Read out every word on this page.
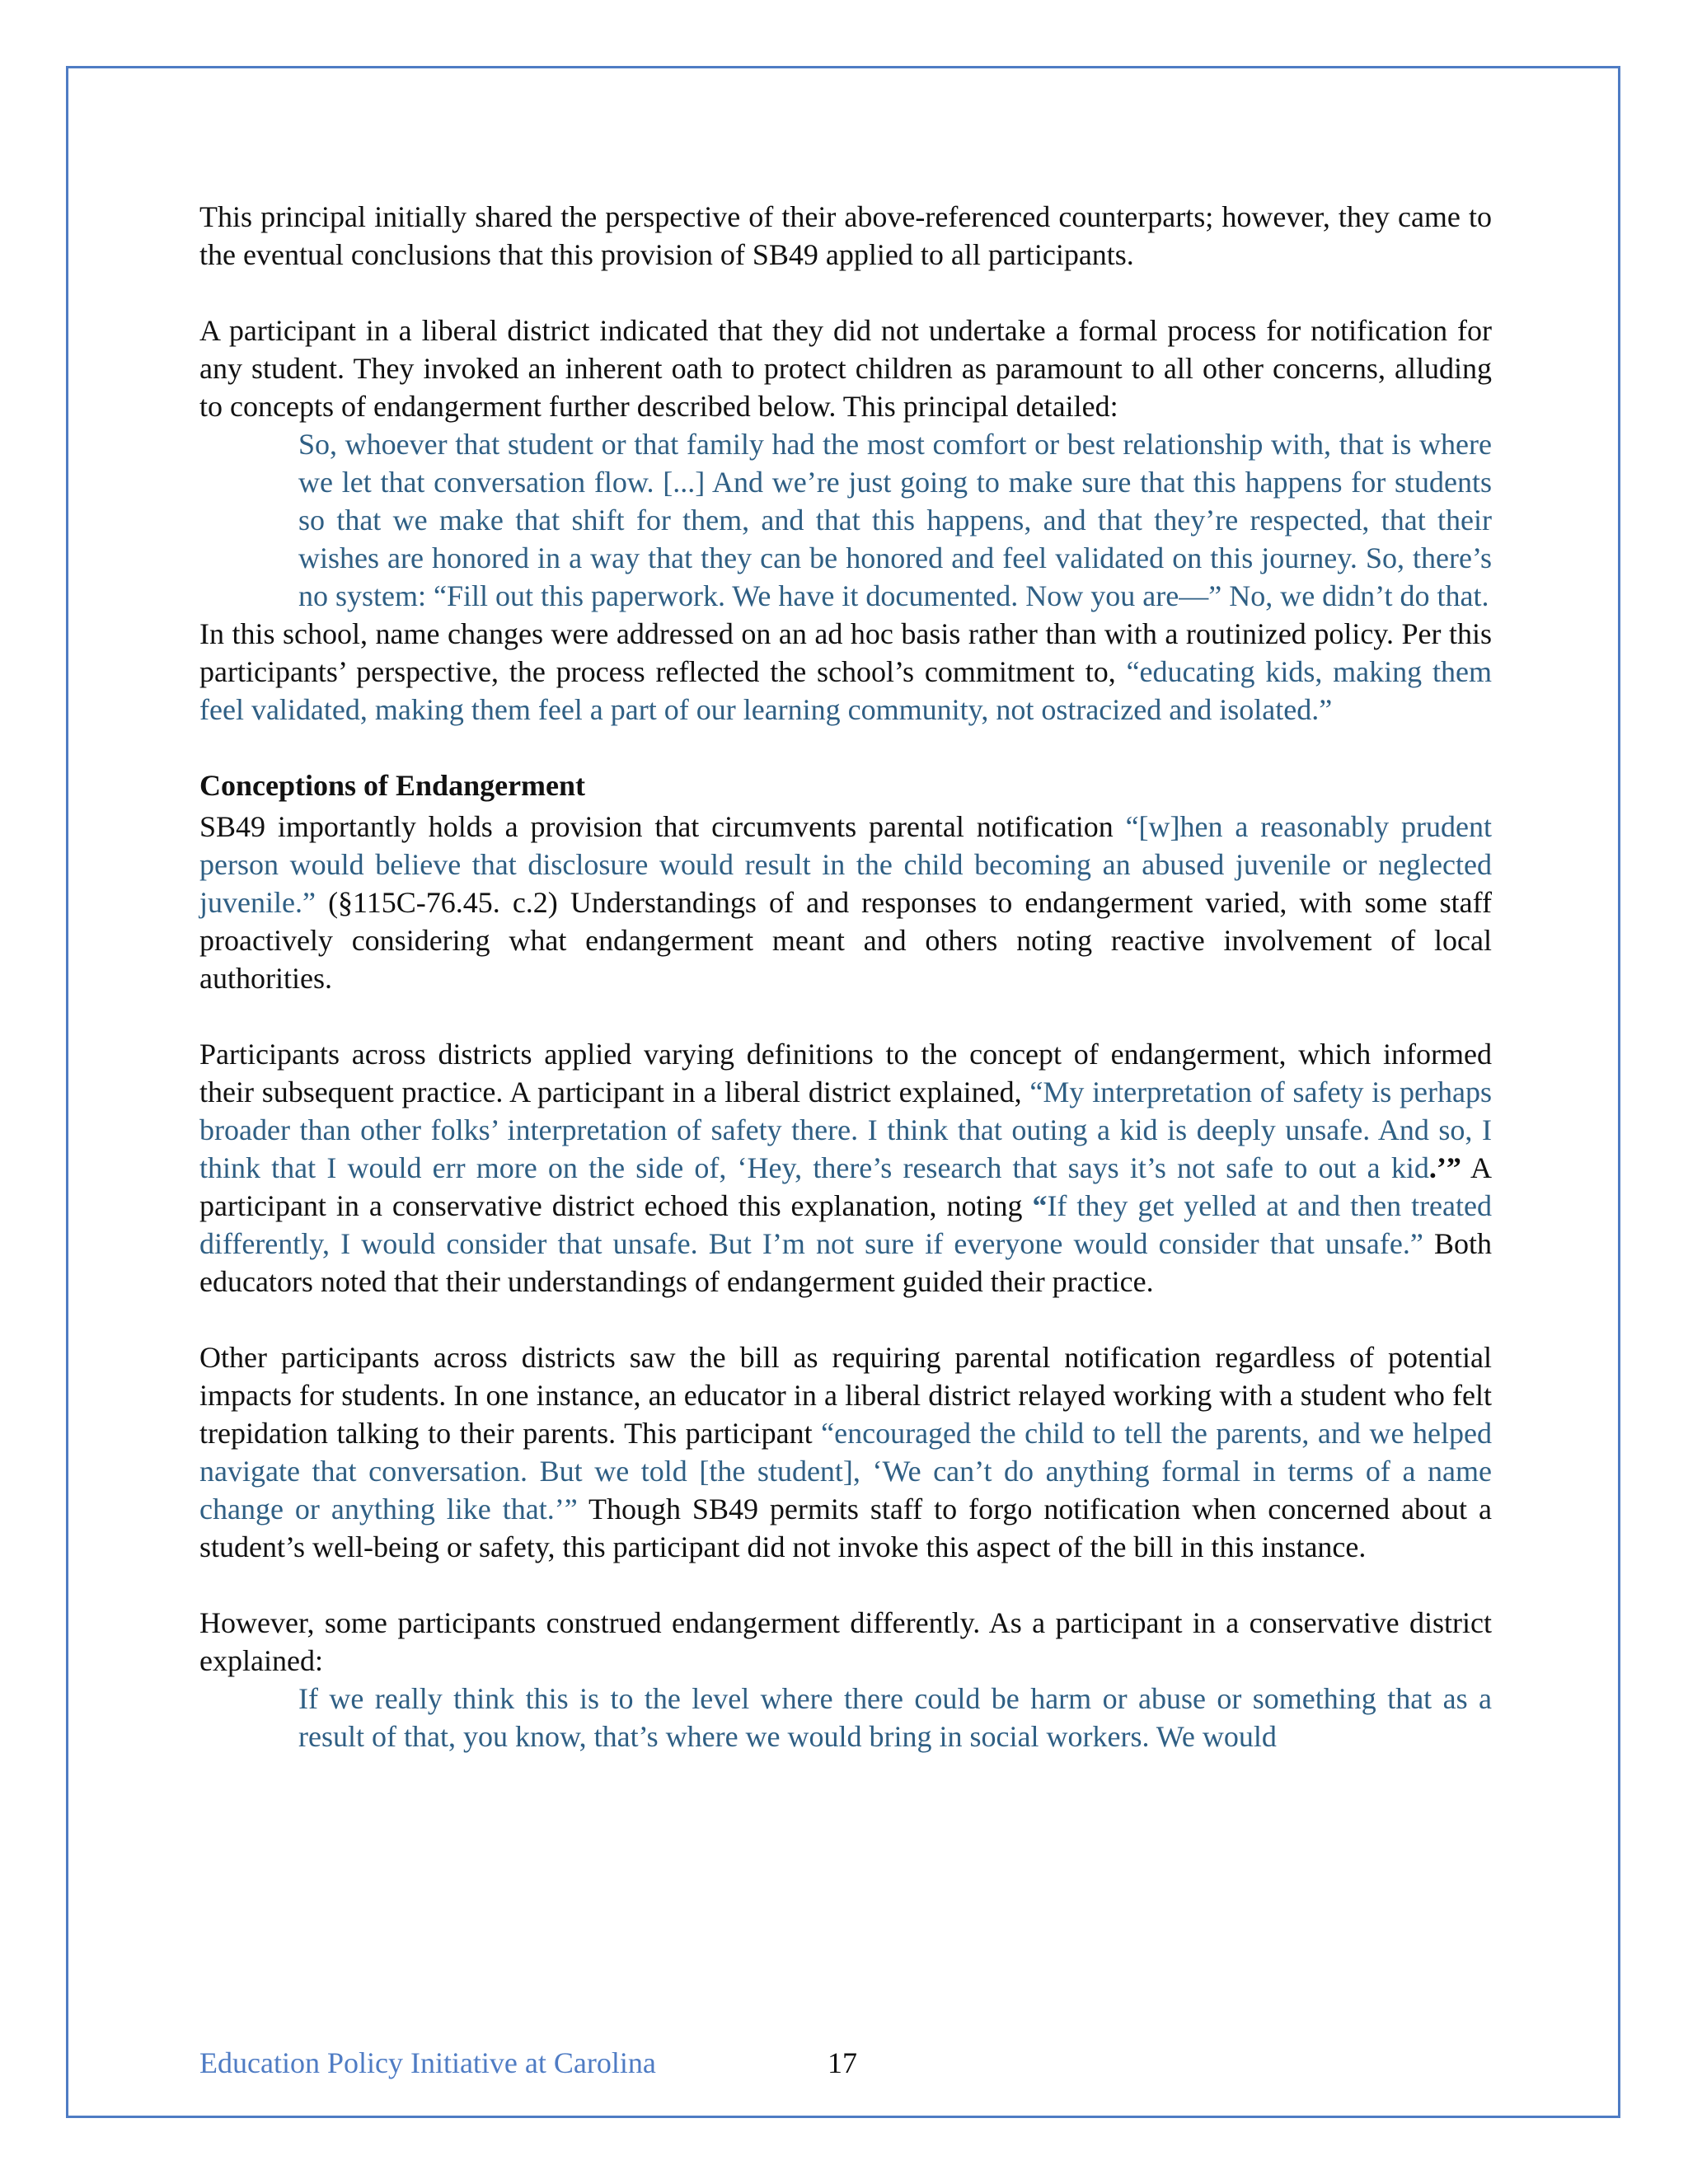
This principal initially shared the perspective of their above-referenced counterparts; however, they came to the eventual conclusions that this provision of SB49 applied to all participants.

A participant in a liberal district indicated that they did not undertake a formal process for notification for any student. They invoked an inherent oath to protect children as paramount to all other concerns, alluding to concepts of endangerment further described below. This principal detailed:

So, whoever that student or that family had the most comfort or best relationship with, that is where we let that conversation flow. [...] And we’re just going to make sure that this happens for students so that we make that shift for them, and that this happens, and that they’re respected, that their wishes are honored in a way that they can be honored and feel validated on this journey. So, there’s no system: “Fill out this paperwork. We have it documented. Now you are—” No, we didn’t do that.

In this school, name changes were addressed on an ad hoc basis rather than with a routinized policy. Per this participants’ perspective, the process reflected the school’s commitment to, “educating kids, making them feel validated, making them feel a part of our learning community, not ostracized and isolated.”

Conceptions of Endangerment

SB49 importantly holds a provision that circumvents parental notification “[w]hen a reasonably prudent person would believe that disclosure would result in the child becoming an abused juvenile or neglected juvenile.” (§115C-76.45. c.2) Understandings of and responses to endangerment varied, with some staff proactively considering what endangerment meant and others noting reactive involvement of local authorities.

Participants across districts applied varying definitions to the concept of endangerment, which informed their subsequent practice. A participant in a liberal district explained, “My interpretation of safety is perhaps broader than other folks’ interpretation of safety there. I think that outing a kid is deeply unsafe. And so, I think that I would err more on the side of, ‘Hey, there’s research that says it’s not safe to out a kid.’” A participant in a conservative district echoed this explanation, noting “If they get yelled at and then treated differently, I would consider that unsafe. But I’m not sure if everyone would consider that unsafe.” Both educators noted that their understandings of endangerment guided their practice.

Other participants across districts saw the bill as requiring parental notification regardless of potential impacts for students. In one instance, an educator in a liberal district relayed working with a student who felt trepidation talking to their parents. This participant “encouraged the child to tell the parents, and we helped navigate that conversation. But we told [the student], ‘We can’t do anything formal in terms of a name change or anything like that.’” Though SB49 permits staff to forgo notification when concerned about a student’s well-being or safety, this participant did not invoke this aspect of the bill in this instance.

However, some participants construed endangerment differently. As a participant in a conservative district explained:

If we really think this is to the level where there could be harm or abuse or something that as a result of that, you know, that’s where we would bring in social workers. We would

Education Policy Initiative at Carolina	17
